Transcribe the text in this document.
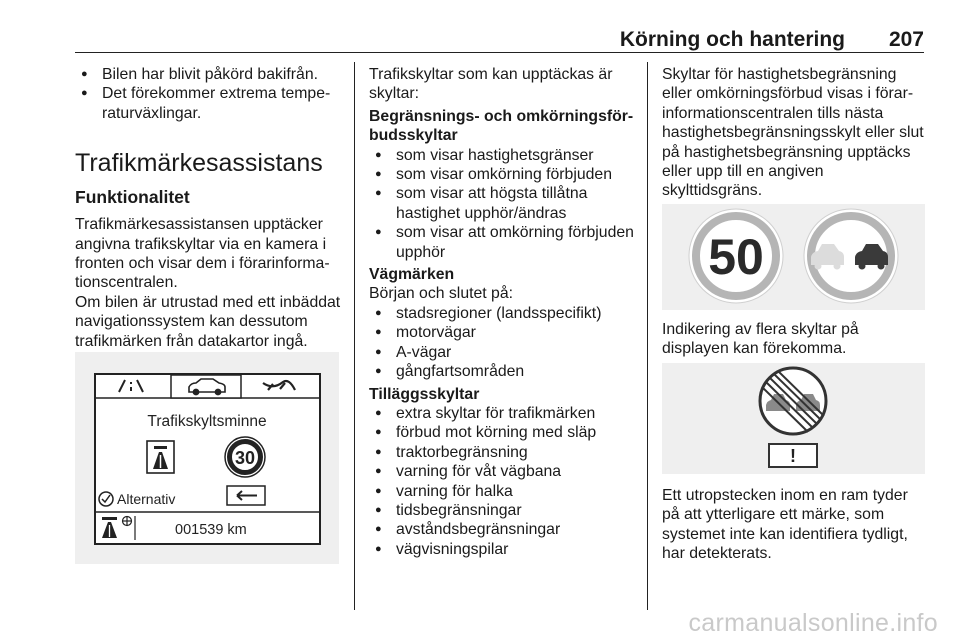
Körning och hantering 207

● Bilen har blivit påkörd bakifrån.

● Det förekommer extrema temperaturväxlingar.

Trafikmärkesassistans
Funktionalitet

Trafikmärkesassistansen upptäcker angivna trafikskyltar via en kamera i fronten och visar dem i förarinformationscentralen.

Om bilen är utrustad med ett inbäddat navigationssystem kan dessutom trafikmärken från datakartor ingå.

Trafikskyltsminne
30
Alternativ
001539 km

Trafikskyltar som kan upptäckas är skyltar:

Begränsnings- och omkörningsförbudsskyltar

● som visar hastighetsgränser

● som visar omkörning förbjuden

● som visar att högsta tillåtna hastighet upphör/ändras

● som visar att omkörning förbjuden upphör

Vägmärken

Början och slutet på:

● stadsregioner (landsspecifikt)

● motorvägar

● A-vägar

● gångfartsområden

Tilläggsskyltar

● extra skyltar för trafikmärken

● förbud mot körning med släp

● traktorbegränsning

● varning för våt vägbana

● varning för halka

● tidsbegränsningar

● avståndsbegränsningar

● vägvisningspilar

Skyltar för hastighetsbegränsning eller omkörningsförbud visas i förarinformationscentralen tills nästa hastighetsbegränsningsskylt eller slut på hastighetsbegränsning upptäcks eller upp till en angiven skylttidsgräns.

50

Indikering av flera skyltar på displayen kan förekomma.

!

Ett utropstecken inom en ram tyder på att ytterligare ett märke, som systemet inte kan identifiera tydligt, har detekterats.

carmanualsonline.info
